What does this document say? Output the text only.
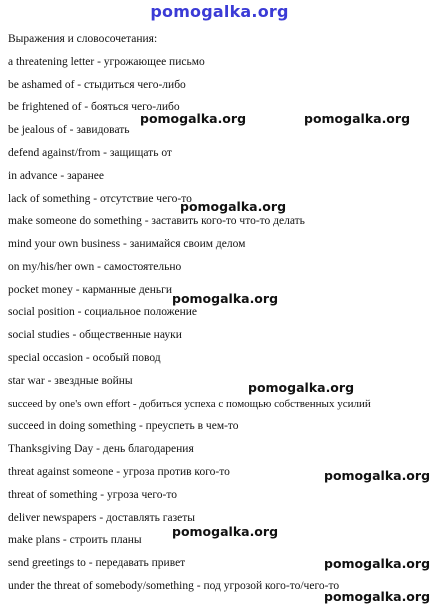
pomogalka.org
Выражения и словосочетания:
a threatening letter - угрожающее письмо
be ashamed of - стыдиться чего-либо
be frightened of - бояться чего-либо
be jealous of - завидовать
defend against/from - защищать от
in advance - заранее
lack of something - отсутствие чего-то
make someone do something - заставить кого-то что-то делать
mind your own business - занимайся своим делом
on my/his/her own - самостоятельно
pocket money - карманные деньги
social position - социальное положение
social studies - общественные науки
special occasion - особый повод
star war - звездные войны
succeed by one's own effort - добиться успеха с помощью собственных усилий
succeed in doing something - преуспеть в чем-то
Thanksgiving Day - день благодарения
threat against someone - угроза против кого-то
threat of something - угроза чего-то
deliver newspapers - доставлять газеты
make plans - строить планы
send greetings to - передавать привет
under the threat of somebody/something - под угрозой кого-то/чего-то
pomogalka.org	pomogalka.org
pomogalka.org
pomogalka.org
pomogalka.org
pomogalka.org
pomogalka.org
pomogalka.org
pomogalka.org
